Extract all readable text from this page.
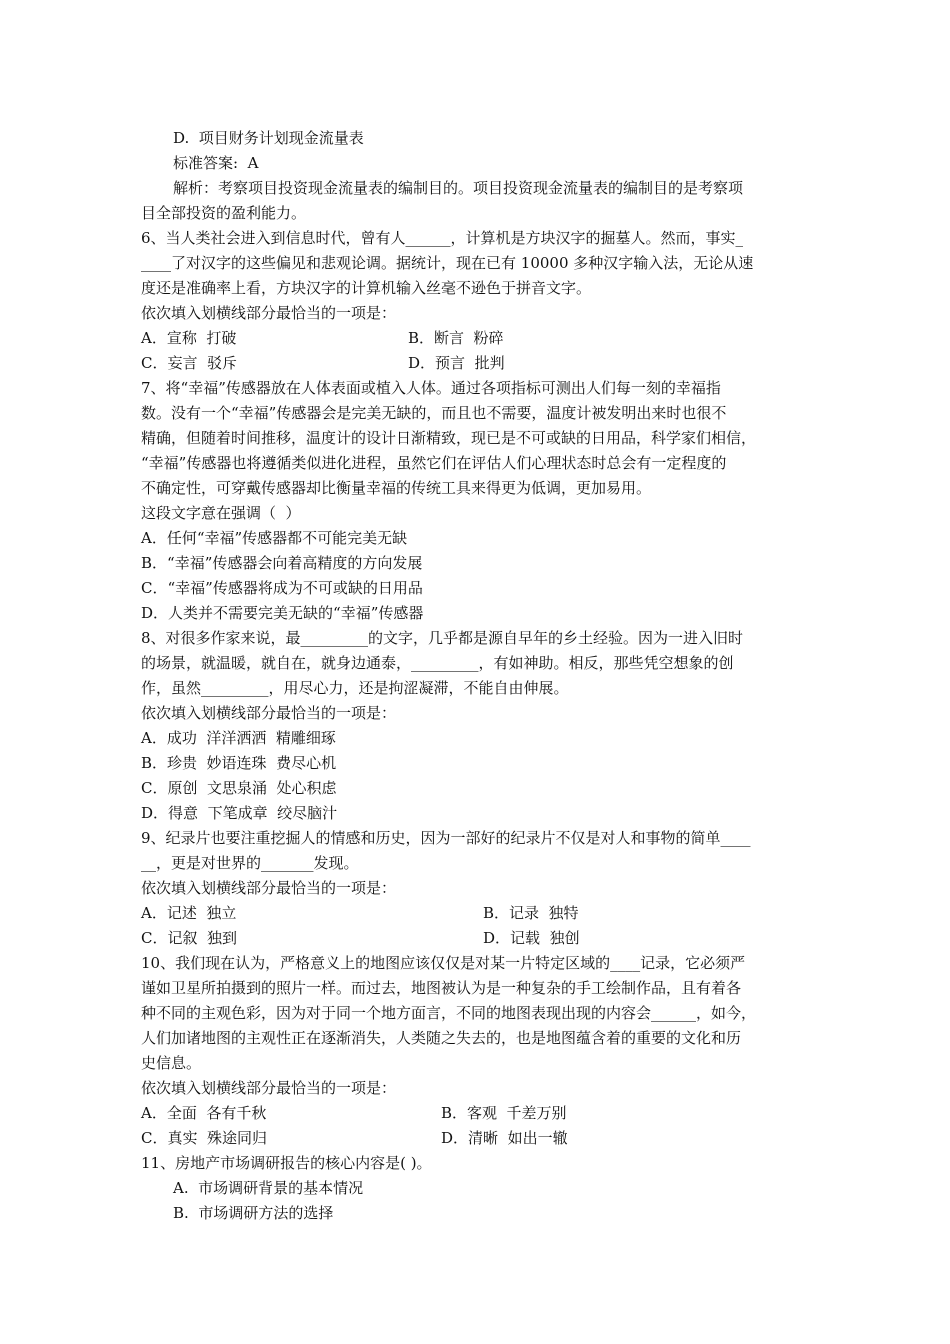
D.  项目财务计划现金流量表
标准答案:  A
解析：考察项目投资现金流量表的编制目的。项目投资现金流量表的编制目的是考察项
目全部投资的盈利能力。
6、当人类社会进入到信息时代，曾有人______，计算机是方块汉字的掘墓人。然而，事实_
____了对汉字的这些偏见和悲观论调。据统计，现在已有 10000 多种汉字输入法，无论从速
度还是准确率上看，方块汉字的计算机输入丝毫不逊色于拼音文字。
依次填入划横线部分最恰当的一项是：
A．宣称  打破	B．断言  粉碎
C．妄言  驳斥	D．预言  批判
7、将“幸福”传感器放在人体表面或植入人体。通过各项指标可测出人们每一刻的幸福指
数。没有一个“幸福”传感器会是完美无缺的，而且也不需要，温度计被发明出来时也很不
精确，但随着时间推移，温度计的设计日渐精致，现已是不可或缺的日用品，科学家们相信，
“幸福”传感器也将遵循类似进化进程，虽然它们在评估人们心理状态时总会有一定程度的
不确定性，可穿戴传感器却比衡量幸福的传统工具来得更为低调，更加易用。
这段文字意在强调（  ）
A．任何“幸福”传感器都不可能完美无缺
B．“幸福”传感器会向着高精度的方向发展
C．“幸福”传感器将成为不可或缺的日用品
D．人类并不需要完美无缺的“幸福”传感器
8、对很多作家来说，最_________的文字，几乎都是源自早年的乡土经验。因为一进入旧时
的场景，就温暖，就自在，就身边通泰，_________，有如神助。相反，那些凭空想象的创
作，虽然_________，用尽心力，还是拘涩凝滞，不能自由伸展。
依次填入划横线部分最恰当的一项是：
A．成功  洋洋洒洒  精雕细琢
B．珍贵  妙语连珠  费尽心机
C．原创  文思泉涌  处心积虑
D．得意  下笔成章  绞尽脑汁
9、纪录片也要注重挖掘人的情感和历史，因为一部好的纪录片不仅是对人和事物的简单____
__，更是对世界的_______发现。
依次填入划横线部分最恰当的一项是：
A．记述  独立	B．记录  独特
C．记叙  独到	D．记载  独创
10、我们现在认为，严格意义上的地图应该仅仅是对某一片特定区域的____记录，它必须严
谨如卫星所拍摄到的照片一样。而过去，地图被认为是一种复杂的手工绘制作品，且有着各
种不同的主观色彩，因为对于同一个地方面言，不同的地图表现出现的内容会______，如今，
人们加诸地图的主观性正在逐渐消失，人类随之失去的，也是地图蕴含着的重要的文化和历
史信息。
依次填入划横线部分最恰当的一项是：
A．全面  各有千秋	B．客观  千差万别
C．真实  殊途同归	D．清晰  如出一辙
11、房地产市场调研报告的核心内容是( )。
A.  市场调研背景的基本情况
B.  市场调研方法的选择
